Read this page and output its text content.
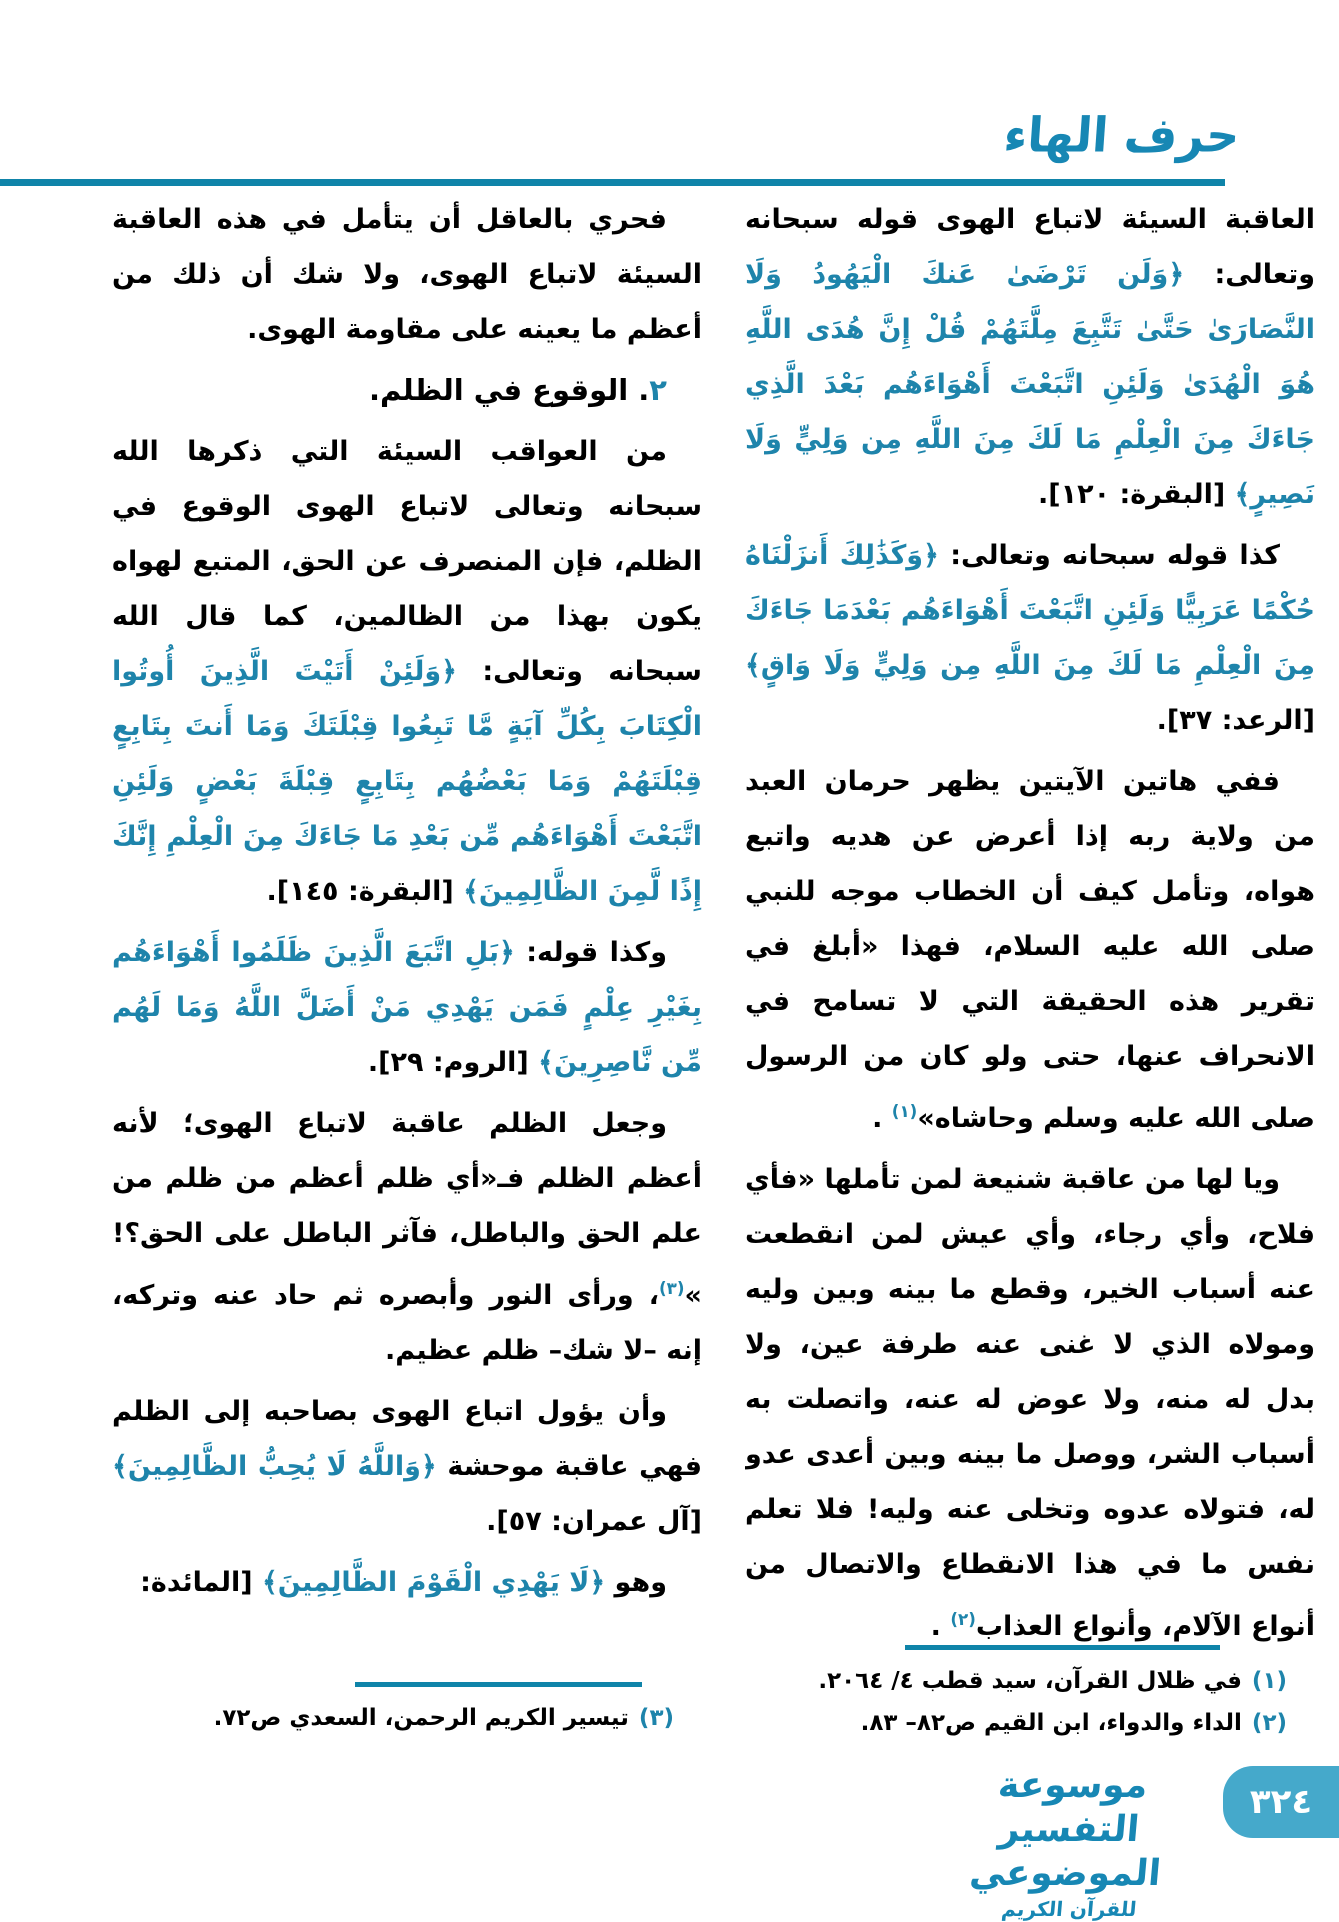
حرف الهاء

العاقبة السيئة لاتباع الهوى قوله سبحانه وتعالى: ﴿وَلَن تَرْضَىٰ عَنكَ الْيَهُودُ وَلَا النَّصَارَىٰ حَتَّىٰ تَتَّبِعَ مِلَّتَهُمْ قُلْ إِنَّ هُدَى اللَّهِ هُوَ الْهُدَىٰ وَلَئِنِ اتَّبَعْتَ أَهْوَاءَهُم بَعْدَ الَّذِي جَاءَكَ مِنَ الْعِلْمِ مَا لَكَ مِنَ اللَّهِ مِن وَلِيٍّ وَلَا نَصِيرٍ﴾ [البقرة: ١٢٠].

كذا قوله سبحانه وتعالى: ﴿وَكَذَٰلِكَ أَنزَلْنَاهُ حُكْمًا عَرَبِيًّا وَلَئِنِ اتَّبَعْتَ أَهْوَاءَهُم بَعْدَمَا جَاءَكَ مِنَ الْعِلْمِ مَا لَكَ مِنَ اللَّهِ مِن وَلِيٍّ وَلَا وَاقٍ﴾ [الرعد: ٣٧].

ففي هاتين الآيتين يظهر حرمان العبد من ولاية ربه إذا أعرض عن هديه واتبع هواه، وتأمل كيف أن الخطاب موجه للنبي صلى الله عليه السلام، فهذا «أبلغ في تقرير هذه الحقيقة التي لا تسامح في الانحراف عنها، حتى ولو كان من الرسول صلى الله عليه وسلم وحاشاه»$^{(١)}$ .

ويا لها من عاقبة شنيعة لمن تأملها «فأي فلاح، وأي رجاء، وأي عيش لمن انقطعت عنه أسباب الخير، وقطع ما بينه وبين وليه ومولاه الذي لا غنى عنه طرفة عين، ولا بدل له منه، ولا عوض له عنه، واتصلت به أسباب الشر، ووصل ما بينه وبين أعدى عدو له، فتولاه عدوه وتخلى عنه وليه! فلا تعلم نفس ما في هذا الانقطاع والاتصال من أنواع الآلام، وأنواع العذاب$^{(٢)}$ .

فحري بالعاقل أن يتأمل في هذه العاقبة السيئة لاتباع الهوى، ولا شك أن ذلك من أعظم ما يعينه على مقاومة الهوى.

٢. الوقوع في الظلم.

من العواقب السيئة التي ذكرها الله سبحانه وتعالى لاتباع الهوى الوقوع في الظلم، فإن المنصرف عن الحق، المتبع لهواه يكون بهذا من الظالمين، كما قال الله سبحانه وتعالى: ﴿وَلَئِنْ أَتَيْتَ الَّذِينَ أُوتُوا الْكِتَابَ بِكُلِّ آيَةٍ مَّا تَبِعُوا قِبْلَتَكَ وَمَا أَنتَ بِتَابِعٍ قِبْلَتَهُمْ وَمَا بَعْضُهُم بِتَابِعٍ قِبْلَةَ بَعْضٍ وَلَئِنِ اتَّبَعْتَ أَهْوَاءَهُم مِّن بَعْدِ مَا جَاءَكَ مِنَ الْعِلْمِ إِنَّكَ إِذًا لَّمِنَ الظَّالِمِينَ﴾ [البقرة: ١٤٥].

وكذا قوله: ﴿بَلِ اتَّبَعَ الَّذِينَ ظَلَمُوا أَهْوَاءَهُم بِغَيْرِ عِلْمٍ فَمَن يَهْدِي مَنْ أَضَلَّ اللَّهُ وَمَا لَهُم مِّن نَّاصِرِينَ﴾ [الروم: ٢٩].

وجعل الظلم عاقبة لاتباع الهوى؛ لأنه أعظم الظلم فـ«أي ظلم أعظم من ظلم من علم الحق والباطل، فآثر الباطل على الحق؟! »$^{(٣)}$، ورأى النور وأبصره ثم حاد عنه وتركه، إنه –لا شك– ظلم عظيم.

وأن يؤول اتباع الهوى بصاحبه إلى الظلم فهي عاقبة موحشة ﴿وَاللَّهُ لَا يُحِبُّ الظَّالِمِينَ﴾ [آل عمران: ٥٧].

وهو ﴿لَا يَهْدِي الْقَوْمَ الظَّالِمِينَ﴾ [المائدة:

(١)في ظلال القرآن، سيد قطب ٤/ ٢٠٦٤.
(٢)الداء والدواء، ابن القيم ص٨٢– ٨٣.
(٣)تيسير الكريم الرحمن، السعدي ص٧٢.
موسوعة التفسير الموضوعي
للقرآن الكريم
٣٢٤
